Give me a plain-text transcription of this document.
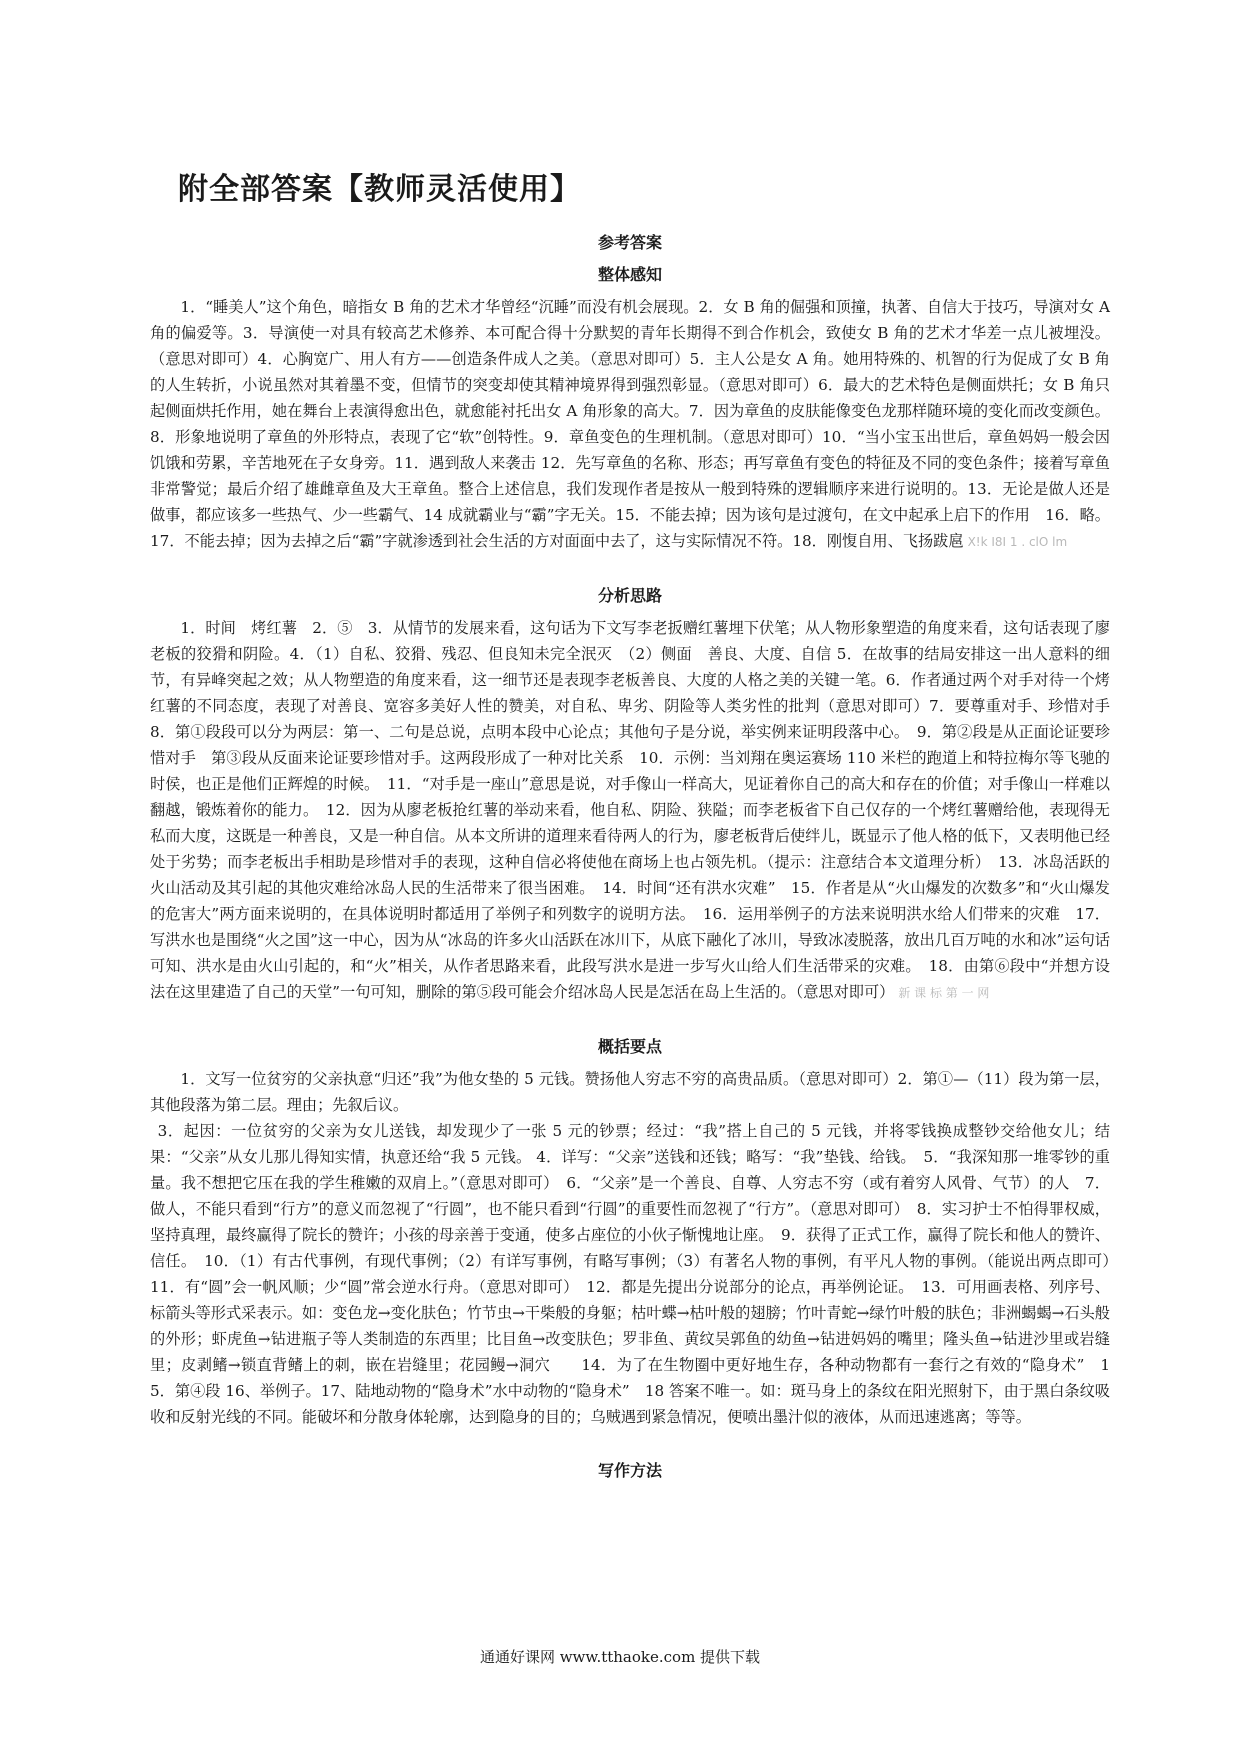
附全部答案【教师灵活使用】
参考答案
整体感知

1．“睡美人”这个角色，暗指女 B 角的艺术才华曾经“沉睡”而没有机会展现。2．女 B 角的倔强和顶撞，执著、自信大于技巧，导演对女 A 角的偏爱等。3．导演使一对具有较高艺术修养、本可配合得十分默契的青年长期得不到合作机会，致使女 B 角的艺术才华差一点儿被埋没。（意思对即可）4．心胸宽广、用人有方——创造条件成人之美。（意思对即可）5．主人公是女 A 角。她用特殊的、机智的行为促成了女 B 角的人生转折，小说虽然对其着墨不变，但情节的突变却使其精神境界得到强烈彰显。（意思对即可）6．最大的艺术特色是侧面烘托；女 B 角只起侧面烘托作用，她在舞台上表演得愈出色，就愈能衬托出女 A 角形象的高大。7．因为章鱼的皮肤能像变色龙那样随环境的变化而改变颜色。8．形象地说明了章鱼的外形特点，表现了它“软”创特性。9．章鱼变色的生理机制。（意思对即可）10．“当小宝玉出世后，章鱼妈妈一般会因饥饿和劳累，辛苦地死在子女身旁。11．遇到敌人来袭击 12．先写章鱼的名称、形态；再写章鱼有变色的特征及不同的变色条件；接着写章鱼非常警觉；最后介绍了雄雌章鱼及大王章鱼。整合上述信息，我们发现作者是按从一般到特殊的逻辑顺序来进行说明的。13．无论是做人还是做事，都应该多一些热气、少一些霸气、14 成就霸业与“霸”字无关。15．不能去掉；因为该句是过渡句，在文中起承上启下的作用　16．略。17．不能去掉；因为去掉之后“霸”字就渗透到社会生活的方对面面中去了，这与实际情况不符。18．刚愎自用、飞扬跋扈 X!k I8I 1 . clO lm

分析思路

1．时间　烤红薯　2．⑤　3．从情节的发展来看，这句话为下文写李老扳赠红薯埋下伏笔；从人物形象塑造的角度来看，这句话表现了廖老板的狡猾和阴险。4．（1）自私、狡猾、残忍、但良知未完全泯灭　（2）侧面　善良、大度、自信 5．在故事的结局安排这一出人意料的细节，有异峰突起之效；从人物塑造的角度来看，这一细节还是表现李老板善良、大度的人格之美的关键一笔。6．作者通过两个对手对待一个烤红薯的不同态度，表现了对善良、宽容多美好人性的赞美，对自私、卑劣、阴险等人类劣性的批判（意思对即可）7．要尊重对手、珍惜对手　8．第①段段可以分为两层：第一、二句是总说，点明本段中心论点；其他句子是分说，举实例来证明段落中心。　9．第②段是从正面论证要珍惜对手　第③段从反面来论证要珍惜对手。这两段形成了一种对比关系　10．示例：当刘翔在奥运赛场 110 米栏的跑道上和特拉梅尔等飞驰的时侯，也正是他们正辉煌的时候。　11．“对手是一座山”意思是说，对手像山一样高大，见证着你自己的高大和存在的价值；对手像山一样难以翻越，锻炼着你的能力。　12．因为从廖老板抢红薯的举动来看，他自私、阴险、狭隘；而李老板省下自己仅存的一个烤红薯赠给他，表现得无私而大度，这既是一种善良，又是一种自信。从本文所讲的道理来看待两人的行为，廖老板背后使绊儿，既显示了他人格的低下，又表明他已经处于劣势；而李老板出手相助是珍惜对手的表现，这种自信必将使他在商场上也占领先机。（提示：注意结合本文道理分析）　13．冰岛活跃的火山活动及其引起的其他灾难给冰岛人民的生活带来了很当困难。　14．时间“还有洪水灾难”　15．作者是从“火山爆发的次数多”和“火山爆发的危害大”两方面来说明的，在具体说明时都适用了举例子和列数字的说明方法。　16．运用举例子的方法来说明洪水给人们带来的灾难　17．写洪水也是围绕“火之国”这一中心，因为从“冰岛的许多火山活跃在冰川下，从底下融化了冰川，导致冰凌脱落，放出几百万吨的水和冰”运句话可知、洪水是由火山引起的，和“火”相关，从作者思路来看，此段写洪水是进一步写火山给人们生活带采的灾难。　18．由第⑥段中“并想方设法在这里建造了自己的天堂”一句可知，删除的第⑤段可能会介绍冰岛人民是怎活在岛上生活的。（意思对即可） 新 课 标 第 一 网

概括要点

1．文写一位贫穷的父亲执意“归还”我”为他女垫的 5 元钱。赞扬他人穷志不穷的高贵品质。（意思对即可）2．第①—（11）段为第一层，其他段落为第二层。理由；先叙后议。

3．起因：一位贫穷的父亲为女儿送钱，却发现少了一张 5 元的钞票；经过：“我”搭上自己的 5 元钱，并将零钱换成整钞交给他女儿；结果：“父亲”从女儿那儿得知实情，执意还给“我 5 元钱。 4．详写：“父亲”送钱和还钱；略写：“我”垫钱、给钱。　5．“我深知那一堆零钞的重量。我不想把它压在我的学生稚嫩的双肩上。”（意思对即可）　6．“父亲”是一个善良、自尊、人穷志不穷（或有着穷人风骨、气节）的人　7．做人，不能只看到“行方”的意义而忽视了“行圆”，也不能只看到“行圆”的重要性而忽视了“行方”。（意思对即可）　8．实习护士不怕得罪权威，坚持真理，最终赢得了院长的赞许；小孩的母亲善于变通，使多占座位的小伙子惭愧地让座。　9．获得了正式工作，赢得了院长和他人的赞许、信任。　10．（1）有古代事例，有现代事例；（2）有详写事例，有略写事例；（3）有著名人物的事例，有平凡人物的事例。（能说出两点即可）　11．有“圆”会一帆风顺；少“圆”常会逆水行舟。（意思对即可）　12．都是先提出分说部分的论点，再举例论证。　13．可用画表格、列序号、标箭头等形式采表示。如：变色龙→变化肤色；竹节虫→干柴般的身躯；枯叶蝶→枯叶般的翅膀；竹叶青蛇→绿竹叶般的肤色；非洲蝎蝎→石头般的外形；虾虎鱼→钻进瓶子等人类制造的东西里；比目鱼→改变肤色；罗非鱼、黄纹吴郭鱼的幼鱼→钻进妈妈的嘴里；隆头鱼→钻进沙里或岩缝里；皮剥鳍→锁直背鳍上的刺，嵌在岩缝里；花园鳗→洞穴　　14．为了在生物圈中更好地生存，各种动物都有一套行之有效的“隐身术”　15．第④段 16、举例子。17、陆地动物的“隐身术”水中动物的“隐身术”　18 答案不唯一。如：斑马身上的条纹在阳光照射下，由于黑白条纹吸收和反射光线的不同。能破坏和分散身体轮廓，达到隐身的目的；乌贼遇到紧急情况，便喷出墨汁似的液体，从而迅速逃离；等等。

写作方法
通通好课网 www.tthaoke.com 提供下载
